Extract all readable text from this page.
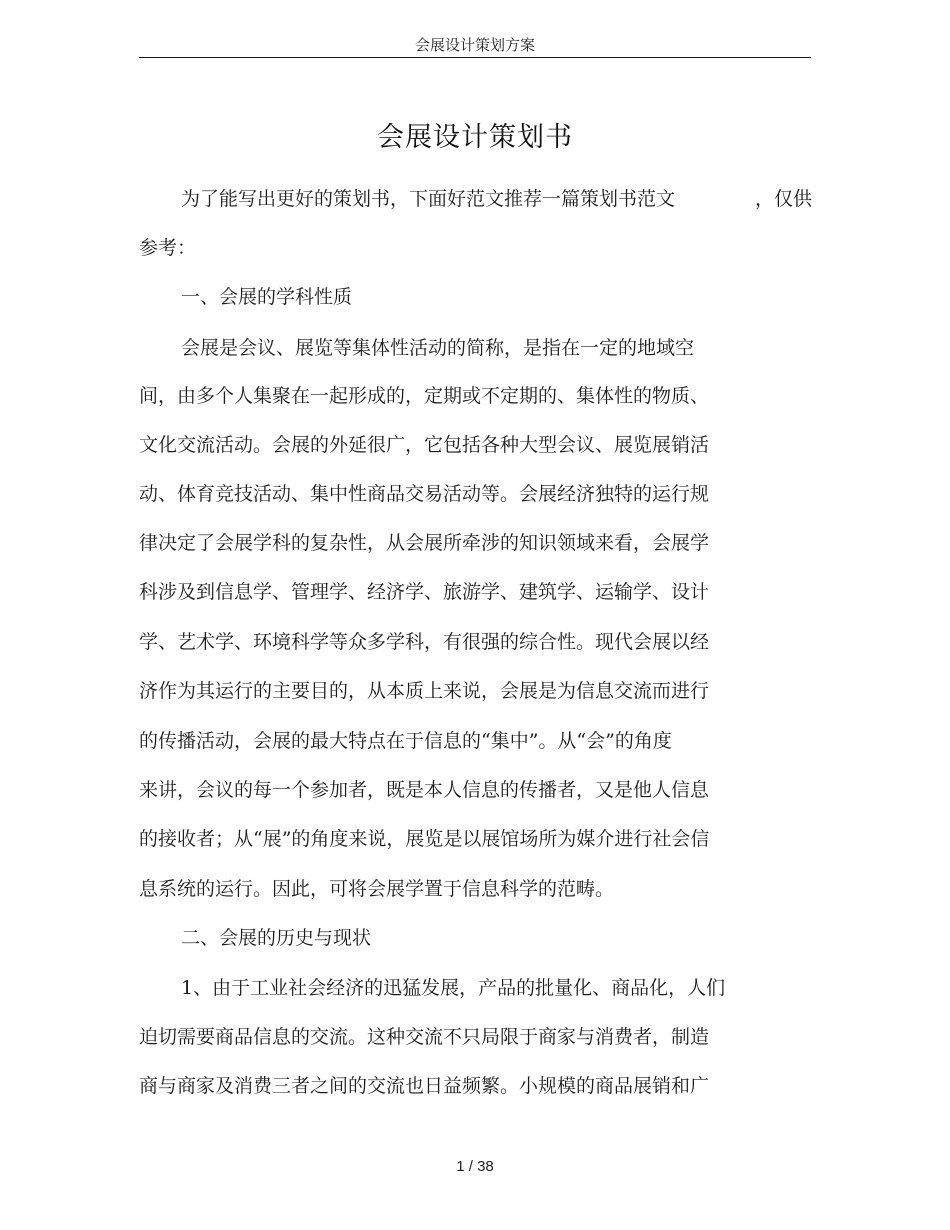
会展设计策划方案
会展设计策划书
为了能写出更好的策划书，下面好范文推荐一篇策划书范文	，仅供
参考：
一、会展的学科性质
会展是会议、展览等集体性活动的简称，是指在一定的地域空
间，由多个人集聚在一起形成的，定期或不定期的、集体性的物质、
文化交流活动。会展的外延很广，它包括各种大型会议、展览展销活
动、体育竞技活动、集中性商品交易活动等。会展经济独特的运行规
律决定了会展学科的复杂性，从会展所牵涉的知识领域来看，会展学
科涉及到信息学、管理学、经济学、旅游学、建筑学、运输学、设计
学、艺术学、环境科学等众多学科，有很强的综合性。现代会展以经
济作为其运行的主要目的，从本质上来说，会展是为信息交流而进行
的传播活动，会展的最大特点在于信息的“集中”。从“会”的角度
来讲，会议的每一个参加者，既是本人信息的传播者，又是他人信息
的接收者；从“展”的角度来说，展览是以展馆场所为媒介进行社会信
息系统的运行。因此，可将会展学置于信息科学的范畴。
二、会展的历史与现状
1、由于工业社会经济的迅猛发展，产品的批量化、商品化，人们
迫切需要商品信息的交流。这种交流不只局限于商家与消费者，制造
商与商家及消费三者之间的交流也日益频繁。小规模的商品展销和广
1 / 38
